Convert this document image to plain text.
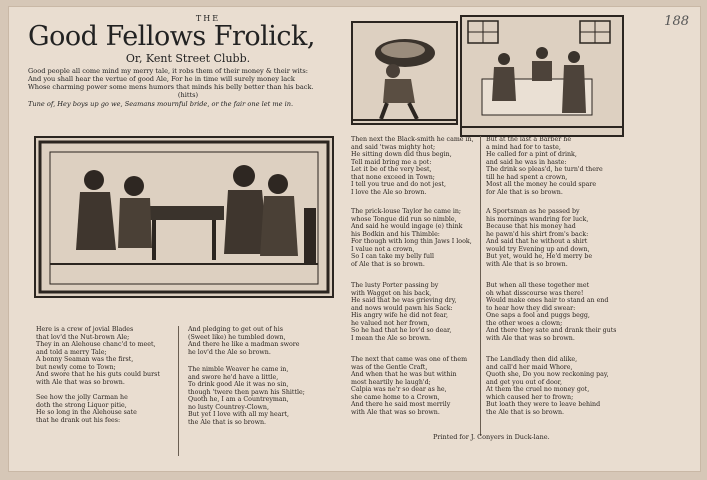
188
THE
Good Fellows Frolick,
Or, Kent Street Clubb.
Good people all come mind my merry tale, it robs them of their money & their wits:
And you shall hear the vertue of good Ale, For he in time will surely money lack
Whose charming power some mens humors that minds his belly better than his back.
(hitts)
Tune of, Hey boys up go we, Seamans mournful bride, or the fair one let me in.
Here is a crew of jovial Blades
that lov'd the Nut-brown Ale;
They in an Alehouse chanc'd to meet,
and told a merry Tale;
A bonny Seaman was the first,
but newly come to Town;
And swore that he his guts could burst
with Ale that was so brown.
See how the jolly Carman he
doth the strong Liquor pitie,
He so long in the Alehouse sate
that he drank out his fees:
And pledging to get out of his
(Sweet like) he tumbled down,
And there he like a madman swore
he lov'd the Ale so brown.
The nimble Weaver he came in,
and swore he'd have a little,
To drink good Ale it was no sin,
though 'twere then pawn his Shittle;
Quoth he, I am a Countreyman,
no lusty Countrey-Clown,
But yet I love with all my heart,
the Ale that is so brown.
Then next the Black-smith he came in,
and said 'twas mighty hot;
He sitting down did thus begin,
Tell maid bring me a pot:
Let it be of the very best,
that none exceed in Town;
I tell you true and do not jest,
I love the Ale so brown.
The prick-louse Taylor he came in;
whose Tongue did run so nimble,
And said he would ingage (e) think
his Bodkin and his Thimble:
For though with long thin Jaws I look,
I value not a crown,
So I can take my belly full
of Ale that is so brown.
The lusty Porter passing by
with Wagget on his back,
He said that he was grieving dry,
and nows would pawn his Sack:
His angry wife he did not fear,
he valued not her frown,
So he had that he lov'd so dear,
I mean the Ale so brown.
The next that came was one of them
was of the Gentle Craft,
And when that he was but within
most heartily he laugh'd;
Calpia was ne'r so dear as he,
she came home to a Crown,
And there he said most merrily
with Ale that was so brown.
But at the last a Barber he
a mind had for to taste,
He called for a pint of drink,
and said he was in haste:
The drink so pleas'd, he turn'd there
till he had spent a crown,
Most all the money he could spare
for Ale that is so brown.
A Sportsman as he passed by
his mornings wandring for luck,
Because that his money had
he pawn'd his shirt from's back:
And said that he without a shirt
would try Evening up and down,
But yet, would he, He'd merry be
with Ale that is so brown.
But when all these together met
oh what disscourse was there!
Would make ones hair to stand an end
to hear how they did swear:
One saps a fool and puggs begg,
the other woes a clown;
And there they sate and drank their guts
with Ale that was so brown.
The Landlady then did alike,
and call'd her maid Whore,
Quoth she, Do you now reckoning pay,
and get you out of door,
At them the cruel no money got,
which caused her to frown;
But loath they were to leave behind
the Ale that is so brown.
Printed for J. Conyers in Duck-lane.
